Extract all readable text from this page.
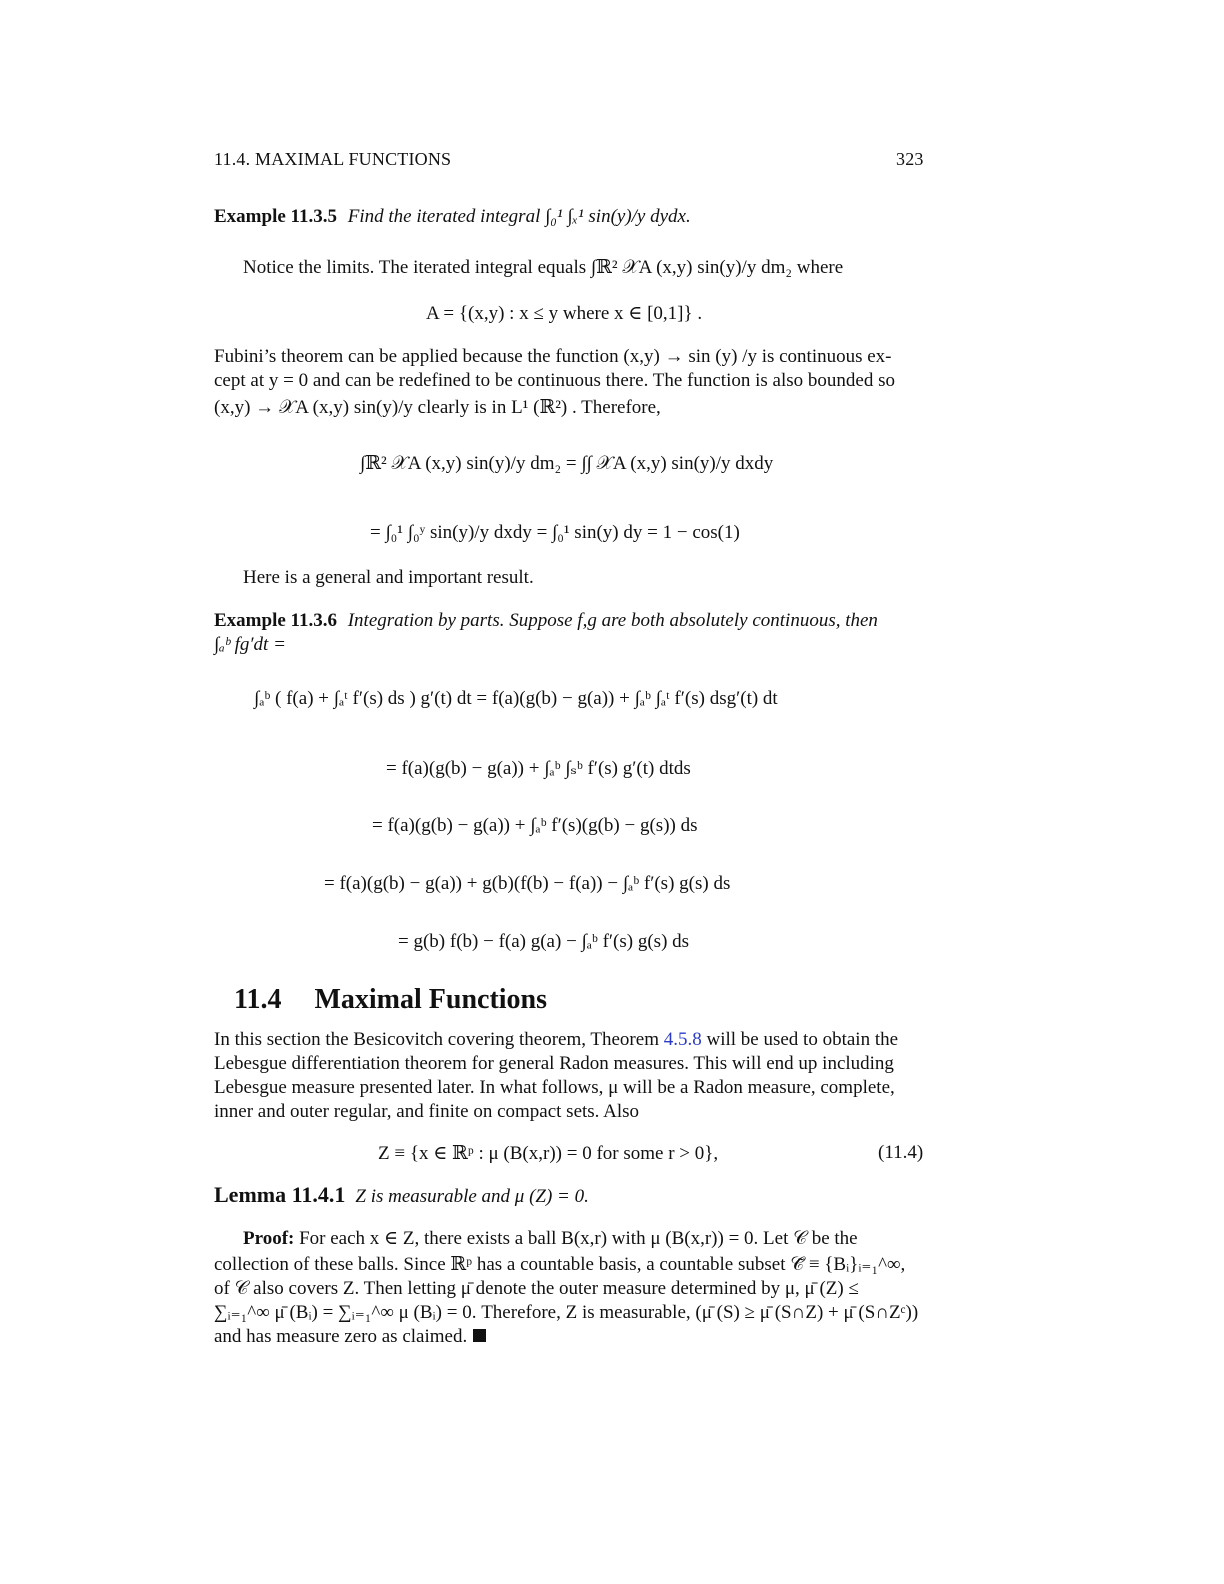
11.4. MAXIMAL FUNCTIONS	323
Example 11.3.5 Find the iterated integral ∫₀¹ ∫ₓ¹ sin(y)/y dydx.
Notice the limits. The iterated integral equals ∫ℝ² 𝒳A (x,y) sin(y)/y dm₂ where
A = {(x,y) : x ≤ y where x ∈ [0,1]} .
Fubini’s theorem can be applied because the function (x,y) → sin (y) /y is continuous ex-
cept at y = 0 and can be redefined to be continuous there. The function is also bounded so
(x,y) → 𝒳A (x,y) sin(y)/y clearly is in L¹ (ℝ²) . Therefore,
∫ℝ² 𝒳A (x,y) sin(y)/y dm₂ = ∫∫ 𝒳A (x,y) sin(y)/y dxdy
= ∫₀¹ ∫₀ʸ sin(y)/y dxdy = ∫₀¹ sin(y) dy = 1 − cos(1)
Here is a general and important result.
Example 11.3.6 Integration by parts. Suppose f,g are both absolutely continuous, then
∫ₐᵇ fg′dt =
∫ₐᵇ ( f(a) + ∫ₐᵗ f′(s) ds ) g′(t) dt = f(a)(g(b) − g(a)) + ∫ₐᵇ ∫ₐᵗ f′(s) dsg′(t) dt
= f(a)(g(b) − g(a)) + ∫ₐᵇ ∫ₛᵇ f′(s) g′(t) dtds
= f(a)(g(b) − g(a)) + ∫ₐᵇ f′(s)(g(b) − g(s)) ds
= f(a)(g(b) − g(a)) + g(b)(f(b) − f(a)) − ∫ₐᵇ f′(s) g(s) ds
= g(b) f(b) − f(a) g(a) − ∫ₐᵇ f′(s) g(s) ds
11.4 Maximal Functions
In this section the Besicovitch covering theorem, Theorem 4.5.8 will be used to obtain the
Lebesgue differentiation theorem for general Radon measures. This will end up including
Lebesgue measure presented later. In what follows, μ will be a Radon measure, complete,
inner and outer regular, and finite on compact sets. Also
Z ≡ {x ∈ ℝᵖ : μ (B(x,r)) = 0 for some r > 0},	(11.4)
Lemma 11.4.1 Z is measurable and μ (Z) = 0.
Proof: For each x ∈ Z, there exists a ball B(x,r) with μ (B(x,r)) = 0. Let 𝒞 be the
collection of these balls. Since ℝᵖ has a countable basis, a countable subset 𝒞̃ ≡ {Bᵢ}ᵢ₌₁^∞,
of 𝒞 also covers Z. Then letting μ̄ denote the outer measure determined by μ, μ̄ (Z) ≤
∑ᵢ₌₁^∞ μ̄ (Bᵢ) = ∑ᵢ₌₁^∞ μ (Bᵢ) = 0. Therefore, Z is measurable, (μ̄ (S) ≥ μ̄ (S∩Z) + μ̄ (S∩Zᶜ))
and has measure zero as claimed.
